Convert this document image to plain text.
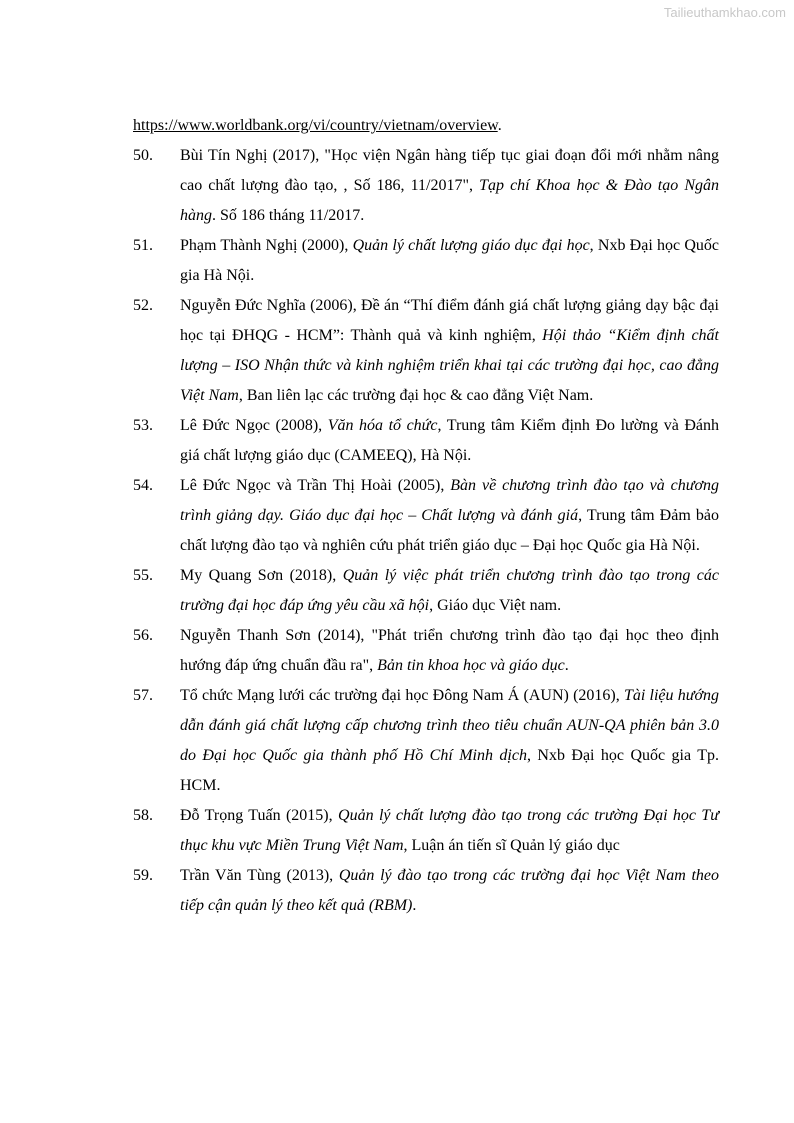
Tailieuthamkhao.com

https://www.worldbank.org/vi/country/vietnam/overview.

50. Bùi Tín Nghị (2017), "Học viện Ngân hàng tiếp tục giai đoạn đổi mới nhằm nâng cao chất lượng đào tạo, , Số 186, 11/2017", Tạp chí Khoa học & Đào tạo Ngân hàng. Số 186 tháng 11/2017.

51. Phạm Thành Nghị (2000), Quản lý chất lượng giáo dục đại học, Nxb Đại học Quốc gia Hà Nội.

52. Nguyễn Đức Nghĩa (2006), Đề án “Thí điểm đánh giá chất lượng giảng dạy bậc đại học tại ĐHQG - HCM”: Thành quả và kinh nghiệm, Hội thảo “Kiểm định chất lượng – ISO Nhận thức và kinh nghiệm triển khai tại các trường đại học, cao đẳng Việt Nam, Ban liên lạc các trường đại học & cao đẳng Việt Nam.

53. Lê Đức Ngọc (2008), Văn hóa tổ chức, Trung tâm Kiểm định Đo lường và Đánh giá chất lượng giáo dục (CAMEEQ), Hà Nội.

54. Lê Đức Ngọc và Trần Thị Hoài (2005), Bàn về chương trình đào tạo và chương trình giảng dạy. Giáo dục đại học – Chất lượng và đánh giá, Trung tâm Đảm bảo chất lượng đào tạo và nghiên cứu phát triển giáo dục – Đại học Quốc gia Hà Nội.

55. My Quang Sơn (2018), Quản lý việc phát triển chương trình đào tạo trong các trường đại học đáp ứng yêu cầu xã hội, Giáo dục Việt nam.

56. Nguyễn Thanh Sơn (2014), "Phát triển chương trình đào tạo đại học theo định hướng đáp ứng chuẩn đầu ra", Bản tin khoa học và giáo dục.

57. Tổ chức Mạng lưới các trường đại học Đông Nam Á (AUN) (2016), Tài liệu hướng dẫn đánh giá chất lượng cấp chương trình theo tiêu chuẩn AUN-QA phiên bản 3.0 do Đại học Quốc gia thành phố Hồ Chí Minh dịch, Nxb Đại học Quốc gia Tp. HCM.

58. Đỗ Trọng Tuấn (2015), Quản lý chất lượng đào tạo trong các trường Đại học Tư thục khu vực Miền Trung Việt Nam, Luận án tiến sĩ Quản lý giáo dục

59. Trần Văn Tùng (2013), Quản lý đào tạo trong các trường đại học Việt Nam theo tiếp cận quản lý theo kết quả (RBM).
